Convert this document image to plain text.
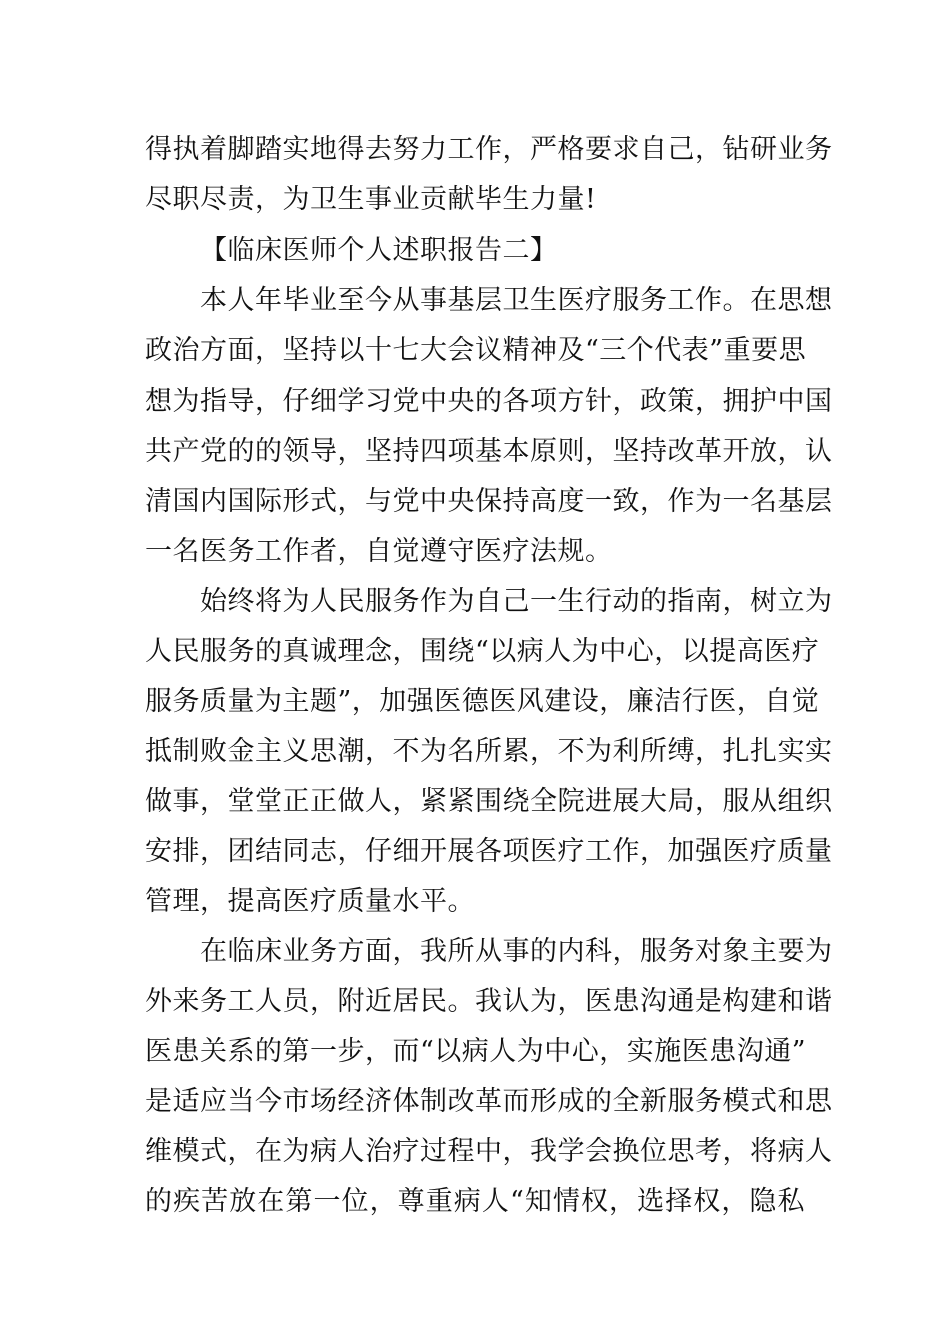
得执着脚踏实地得去努力工作，严格要求自己，钻研业务
尽职尽责，为卫生事业贡献毕生力量!
【临床医师个人述职报告二】
本人年毕业至今从事基层卫生医疗服务工作。在思想
政治方面，坚持以十七大会议精神及“三个代表”重要思
想为指导，仔细学习党中央的各项方针，政策，拥护中国
共产党的的领导，坚持四项基本原则，坚持改革开放，认
清国内国际形式，与党中央保持高度一致，作为一名基层
一名医务工作者，自觉遵守医疗法规。
始终将为人民服务作为自己一生行动的指南，树立为
人民服务的真诚理念，围绕“以病人为中心，以提高医疗
服务质量为主题”，加强医德医风建设，廉洁行医，自觉
抵制败金主义思潮，不为名所累，不为利所缚，扎扎实实
做事，堂堂正正做人，紧紧围绕全院进展大局，服从组织
安排，团结同志，仔细开展各项医疗工作，加强医疗质量
管理，提高医疗质量水平。
在临床业务方面，我所从事的内科，服务对象主要为
外来务工人员，附近居民。我认为，医患沟通是构建和谐
医患关系的第一步，而“以病人为中心，实施医患沟通”
是适应当今市场经济体制改革而形成的全新服务模式和思
维模式，在为病人治疗过程中，我学会换位思考，将病人
的疾苦放在第一位，尊重病人“知情权，选择权，隐私
